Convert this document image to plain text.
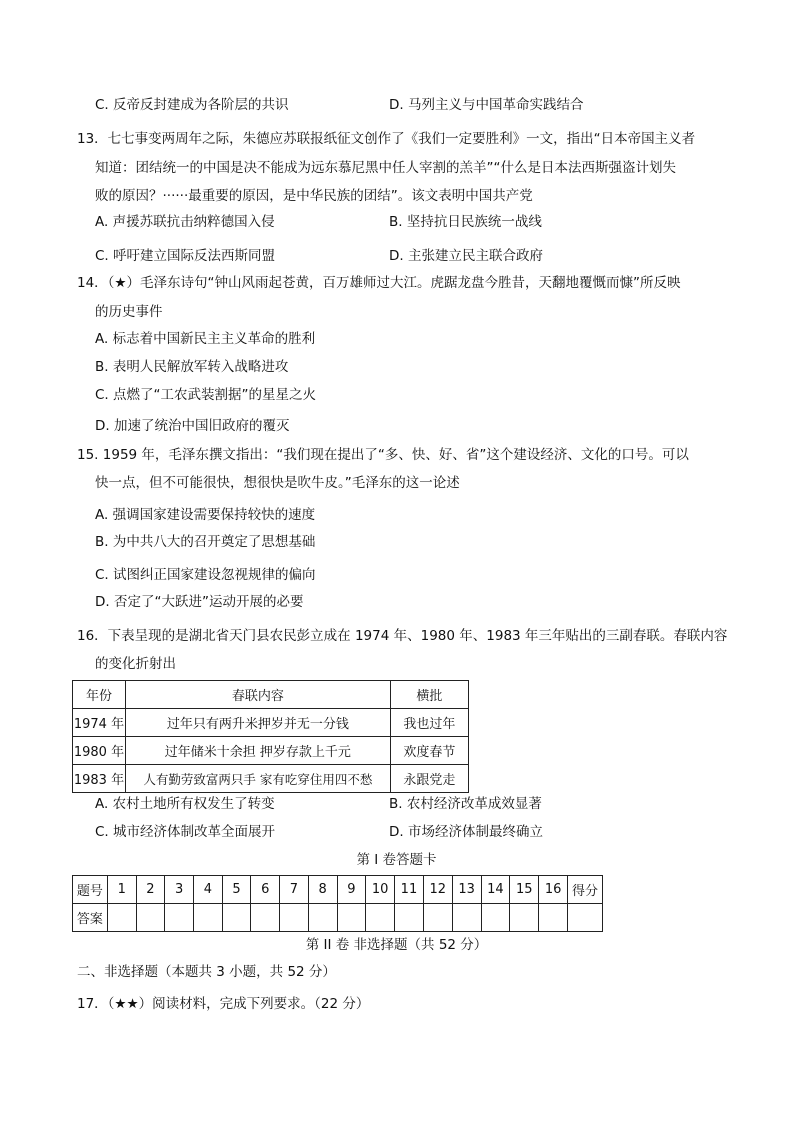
C. 反帝反封建成为各阶层的共识	D. 马列主义与中国革命实践结合
13．七七事变两周年之际，朱德应苏联报纸征文创作了《我们一定要胜利》一文，指出“日本帝国主义者
知道：团结统一的中国是决不能成为远东慕尼黑中任人宰割的羔羊”“什么是日本法西斯强盗计划失
败的原因？······最重要的原因，是中华民族的团结”。该文表明中国共产党
A. 声援苏联抗击纳粹德国入侵	B. 坚持抗日民族统一战线
C. 呼吁建立国际反法西斯同盟	D. 主张建立民主联合政府
14．（★）毛泽东诗句“钟山风雨起苍黄，百万雄师过大江。虎踞龙盘今胜昔，天翻地覆慨而慷”所反映
的历史事件
A. 标志着中国新民主主义革命的胜利
B. 表明人民解放军转入战略进攻
C. 点燃了“工农武装割据”的星星之火
D. 加速了统治中国旧政府的覆灭
15. 1959 年，毛泽东撰文指出：“我们现在提出了“多、快、好、省”这个建设经济、文化的口号。可以
快一点，但不可能很快，想很快是吹牛皮。”毛泽东的这一论述
A. 强调国家建设需要保持较快的速度
B. 为中共八大的召开奠定了思想基础
C. 试图纠正国家建设忽视规律的偏向
D. 否定了“大跃进”运动开展的必要
16．下表呈现的是湖北省天门县农民彭立成在 1974 年、1980 年、1983 年三年贴出的三副春联。春联内容
的变化折射出
年份	春联内容	横批
1974 年	过年只有两升米押岁并无一分钱	我也过年
1980 年	过年储米十余担 押岁存款上千元	欢度春节
1983 年	人有勤劳致富两只手 家有吃穿住用四不愁	永跟党走
A. 农村土地所有权发生了转变	B. 农村经济改革成效显著
C. 城市经济体制改革全面展开	D. 市场经济体制最终确立
第 I 卷答题卡
题号	1	2	3	4	5	6	7	8	9	10	11	12	13	14	15	16	得分
答案																	
第 II 卷 非选择题（共 52 分）
二、非选择题（本题共 3 小题，共 52 分）
17．（★★）阅读材料，完成下列要求。（22 分）
